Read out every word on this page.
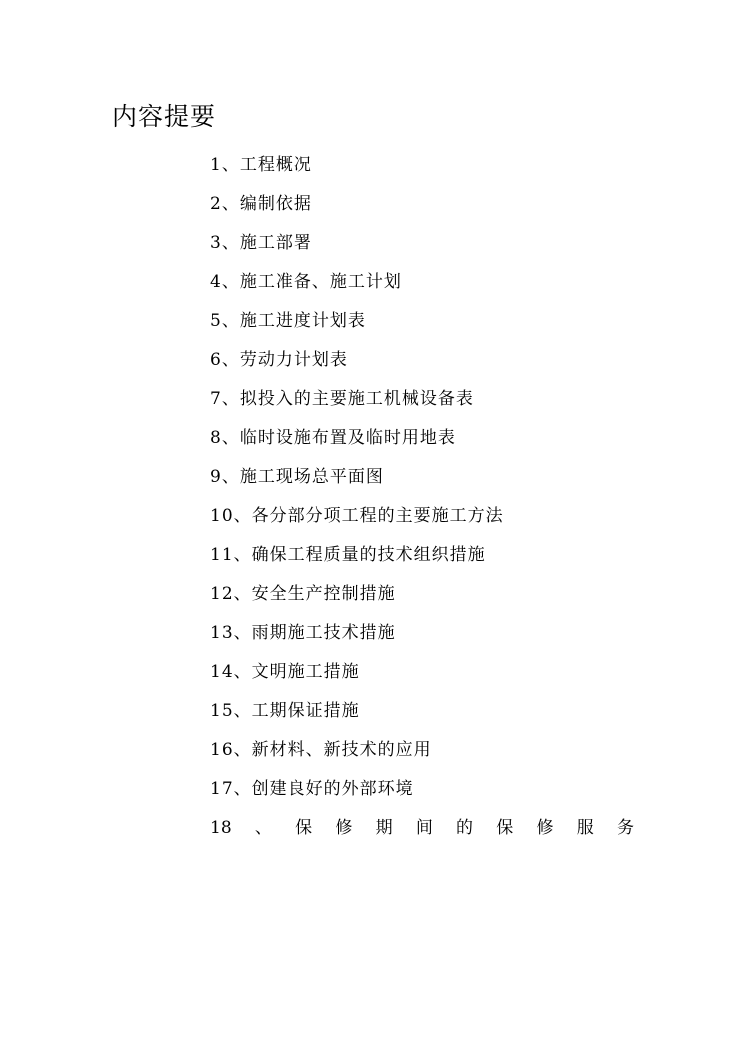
内容提要
1、工程概况
2、编制依据
3、施工部署
4、施工准备、施工计划
5、施工进度计划表
6、劳动力计划表
7、拟投入的主要施工机械设备表
8、临时设施布置及临时用地表
9、施工现场总平面图
10、各分部分项工程的主要施工方法
11、确保工程质量的技术组织措施
12、安全生产控制措施
13、雨期施工技术措施
14、文明施工措施
15、工期保证措施
16、新材料、新技术的应用
17、创建良好的外部环境
18 、 保 修 期 间 的 保 修 服 务
